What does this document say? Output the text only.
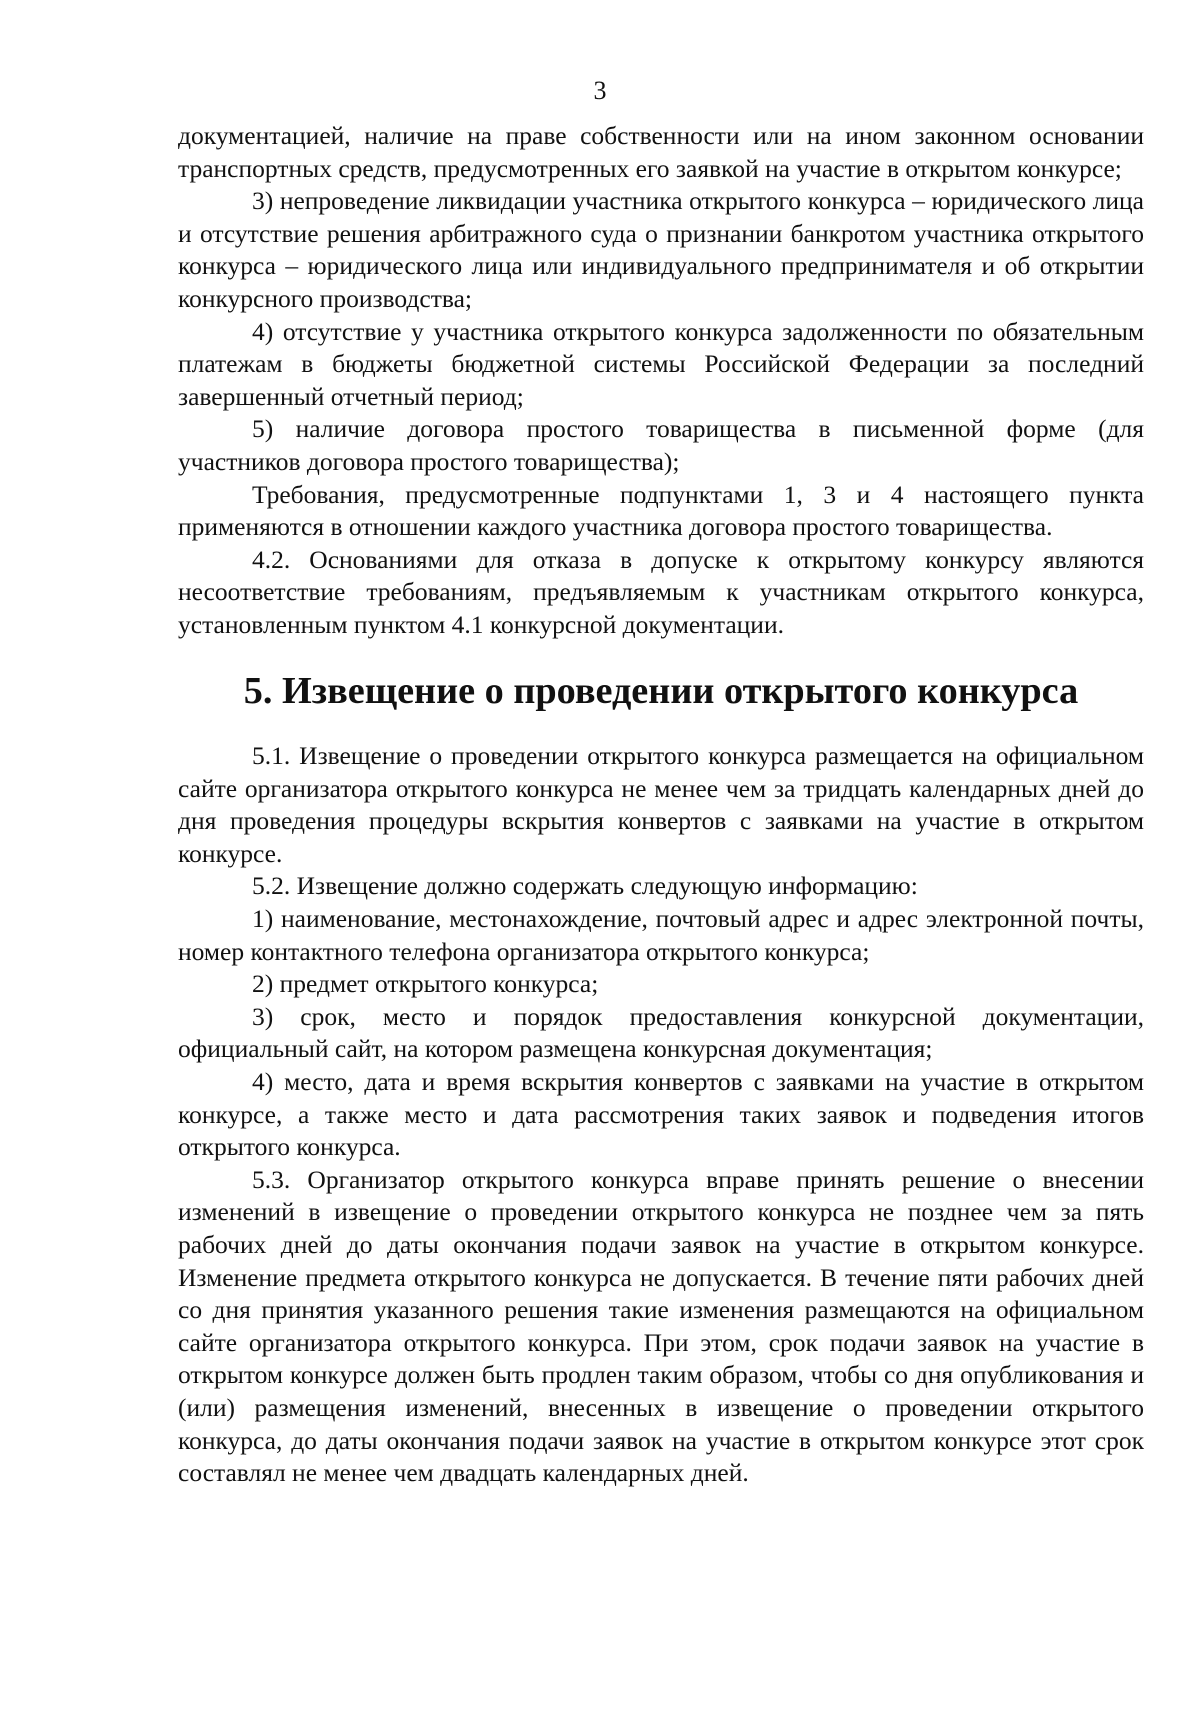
3

документацией, наличие на праве собственности или на ином законном основании транспортных средств, предусмотренных его заявкой на участие в открытом конкурсе;

3) непроведение ликвидации участника открытого конкурса – юридического лица и отсутствие решения арбитражного суда о признании банкротом участника открытого конкурса – юридического лица или индивидуального предпринимателя и об открытии конкурсного производства;

4) отсутствие у участника открытого конкурса задолженности по обязательным платежам в бюджеты бюджетной системы Российской Федерации за последний завершенный отчетный период;

5) наличие договора простого товарищества в письменной форме (для участников договора простого товарищества);

Требования, предусмотренные подпунктами 1, 3 и 4 настоящего пункта применяются в отношении каждого участника договора простого товарищества.

4.2. Основаниями для отказа в допуске к открытому конкурсу являются несоответствие требованиям, предъявляемым к участникам открытого конкурса, установленным пунктом 4.1 конкурсной документации.

5. Извещение о проведении открытого конкурса

5.1. Извещение о проведении открытого конкурса размещается на официальном сайте организатора открытого конкурса не менее чем за тридцать календарных дней до дня проведения процедуры вскрытия конвертов с заявками на участие в открытом конкурсе.

5.2. Извещение должно содержать следующую информацию:

1) наименование, местонахождение, почтовый адрес и адрес электронной почты, номер контактного телефона организатора открытого конкурса;

2) предмет открытого конкурса;

3) срок, место и порядок предоставления конкурсной документации, официальный сайт, на котором размещена конкурсная документация;

4) место, дата и время вскрытия конвертов с заявками на участие в открытом конкурсе, а также место и дата рассмотрения таких заявок и подведения итогов открытого конкурса.

5.3. Организатор открытого конкурса вправе принять решение о внесении изменений в извещение о проведении открытого конкурса не позднее чем за пять рабочих дней до даты окончания подачи заявок на участие в открытом конкурсе. Изменение предмета открытого конкурса не допускается. В течение пяти рабочих дней со дня принятия указанного решения такие изменения размещаются на официальном сайте организатора открытого конкурса. При этом, срок подачи заявок на участие в открытом конкурсе должен быть продлен таким образом, чтобы со дня опубликования и (или) размещения изменений, внесенных в извещение о проведении открытого конкурса, до даты окончания подачи заявок на участие в открытом конкурсе этот срок составлял не менее чем двадцать календарных дней.
